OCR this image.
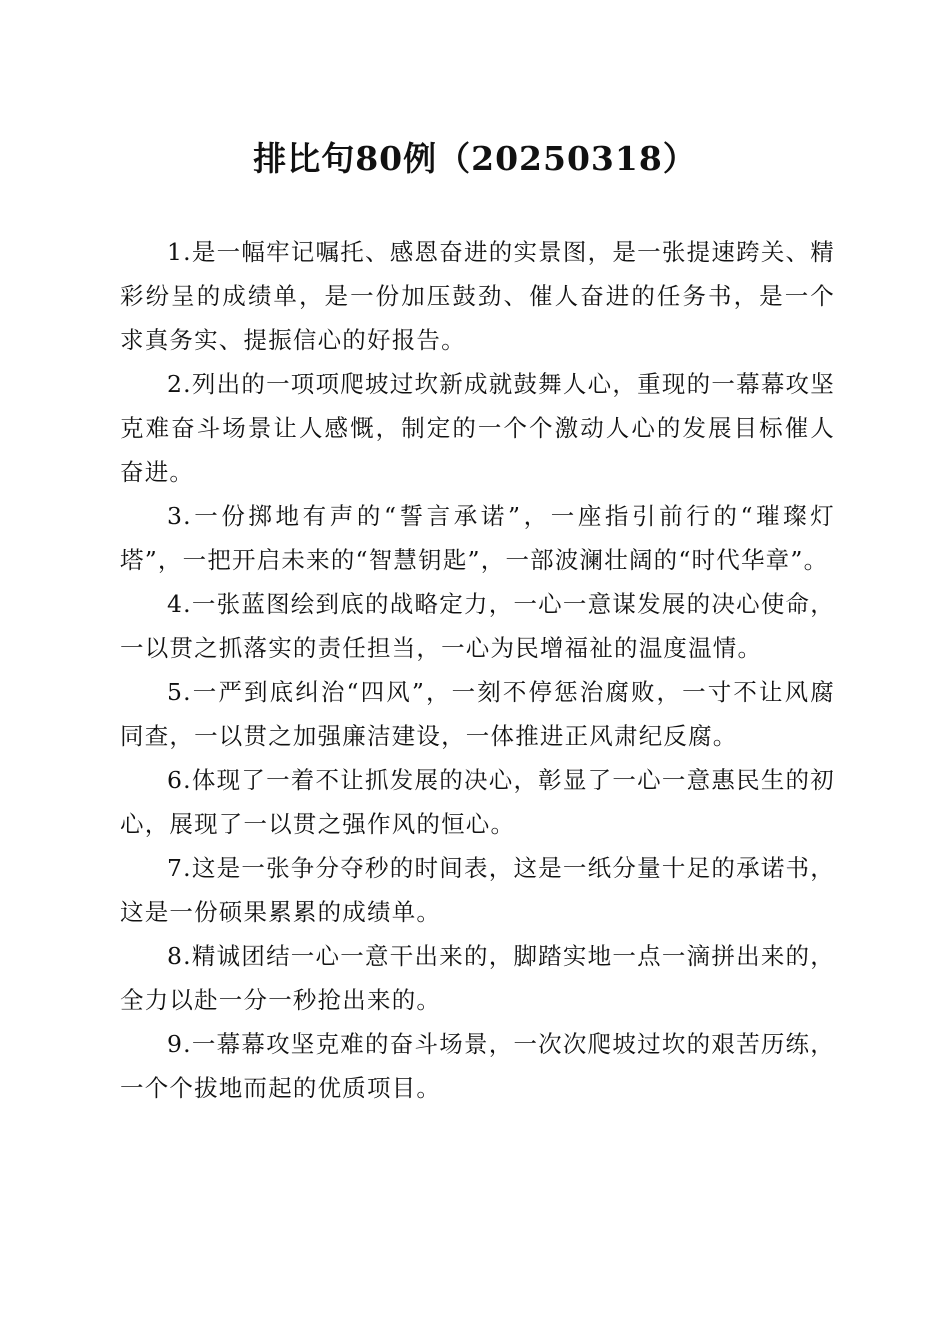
排比句80例（20250318）

1.是一幅牢记嘱托、感恩奋进的实景图，是一张提速跨关、精彩纷呈的成绩单，是一份加压鼓劲、催人奋进的任务书，是一个求真务实、提振信心的好报告。

2.列出的一项项爬坡过坎新成就鼓舞人心，重现的一幕幕攻坚克难奋斗场景让人感慨，制定的一个个激动人心的发展目标催人奋进。

3.一份掷地有声的“誓言承诺”，一座指引前行的“璀璨灯塔”，一把开启未来的“智慧钥匙”，一部波澜壮阔的“时代华章”。

4.一张蓝图绘到底的战略定力，一心一意谋发展的决心使命，一以贯之抓落实的责任担当，一心为民增福祉的温度温情。

5.一严到底纠治“四风”，一刻不停惩治腐败，一寸不让风腐同查，一以贯之加强廉洁建设，一体推进正风肃纪反腐。

6.体现了一着不让抓发展的决心，彰显了一心一意惠民生的初心，展现了一以贯之强作风的恒心。

7.这是一张争分夺秒的时间表，这是一纸分量十足的承诺书，这是一份硕果累累的成绩单。

8.精诚团结一心一意干出来的，脚踏实地一点一滴拼出来的，全力以赴一分一秒抢出来的。

9.一幕幕攻坚克难的奋斗场景，一次次爬坡过坎的艰苦历练，一个个拔地而起的优质项目。
